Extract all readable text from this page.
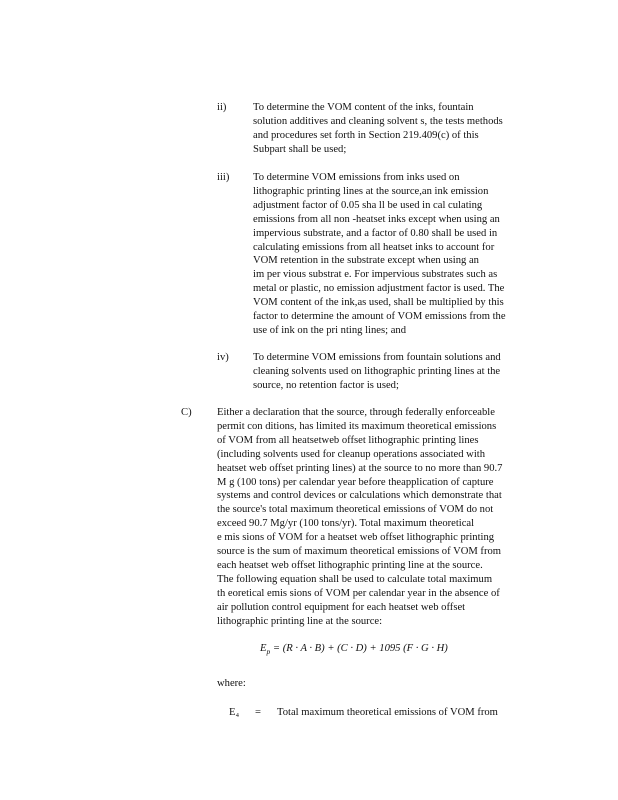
ii)	To determine the VOM content of the inks, fountain
solution additives and cleaning solvent s, the tests methods
and procedures set forth in Section 219.409(c) of this
Subpart shall be used;
iii) To determine VOM emissions from inks used on
lithographic printing lines at the source,an ink emission
adjustment factor of 0.05 sha ll be used in cal culating
emissions from all non -heatset inks except when using an
impervious substrate, and a factor of 0.80 shall be used in
calculating emissions from all heatset inks to account for
VOM retention in the substrate except when using an
im per vious substrat e. For impervious substrates such as
metal or plastic, no emission adjustment factor is used. The
VOM content of the ink,as used, shall be multiplied by this
factor to determine the amount of VOM emissions from the
use of ink on the pri nting lines; and
iv) To determine VOM emissions from fountain solutions and
cleaning solvents used on lithographic printing lines at the
source, no retention factor is used;
C) Either a declaration that the source, through federally enforceable
permit con ditions, has limited its maximum theoretical emissions
of VOM from all heatsetweb offset lithographic printing lines
(including solvents used for cleanup operations associated with
heatset web offset printing lines) at the source to no more than 90.7
M g (100 tons) per calendar year before theapplication of capture
systems and control devices or calculations which demonstrate that
the source's total maximum theoretical emissions of VOM do not
exceed 90.7 Mg/yr (100 tons/yr). Total maximum theoretical
e mis sions of VOM for a heatset web offset lithographic printing
source is the sum of maximum theoretical emissions of VOM from
each heatset web offset lithographic printing line at the source.
The following equation shall be used to calculate total maximum
th eoretical emis sions of VOM per calendar year in the absence of
air pollution control equipment for each heatset web offset
lithographic printing line at the source:
$E_p = (R \cdot A \cdot B) + (C \cdot D) + 1095$ (F · G · H)
where:
E₄ = Total maximum theoretical emissions of VOM from
